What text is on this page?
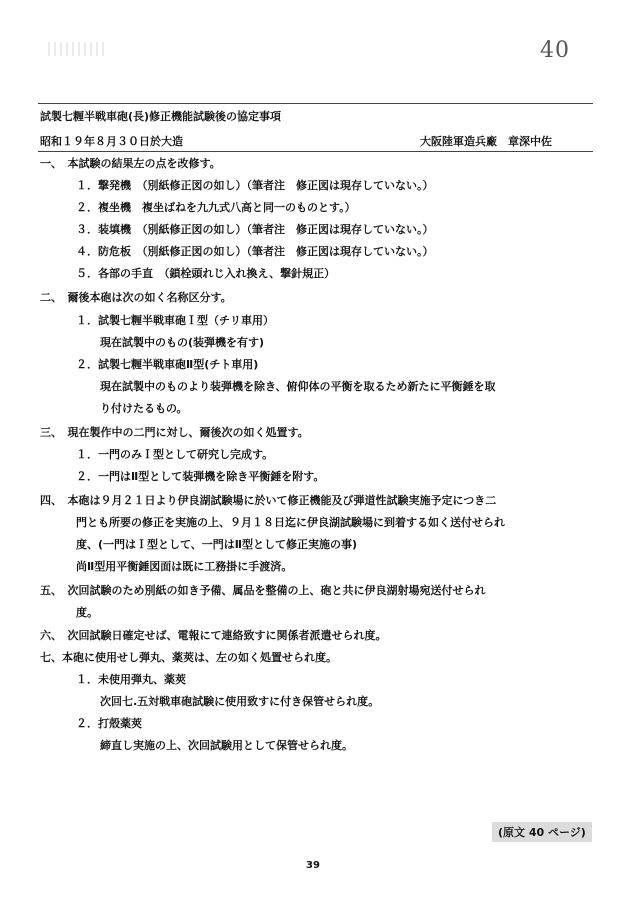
40
試製七糎半戦車砲(長)修正機能試験後の協定事項
昭和１９年８月３０日於大造	大阪陸軍造兵廠　章深中佐
一、　本試験の結果左の点を改修す。
１．撃発機　（別紙修正図の如し）（筆者注　修正図は現存していない。）
２．複坐機　複坐ばねを九九式八高と同一のものとす。）
３．装填機　（別紙修正図の如し）（筆者注　修正図は現存していない。）
４．防危板　（別紙修正図の如し）（筆者注　修正図は現存していない。）
５．各部の手直　（鎖栓頭れじ入れ換え、撃針規正）
二、　爾後本砲は次の如く名称区分す。
１．試製七糎半戦車砲Ｉ型（チリ車用）
現在試製中のもの(装弾機を有す)
２．試製七糎半戦車砲Ⅱ型(チト車用)
現在試製中のものより装弾機を除き、俯仰体の平衡を取るため新たに平衡錘を取
り付けたるもの。
三、　現在製作中の二門に対し、爾後次の如く処置す。
１．一門のみＩ型として研究し完成す。
２．一門はⅡ型として装弾機を除き平衡錘を附す。
四、　本砲は９月２１日より伊良湖試験場に於いて修正機能及び弾道性試験実施予定につき二
門とも所要の修正を実施の上、９月１８日迄に伊良湖試験場に到着する如く送付せられ
度、(一門はＩ型として、一門はⅡ型として修正実施の事)
尚Ⅱ型用平衡錘図面は既に工務掛に手渡済。
五、　次回試験のため別紙の如き予備、属品を整備の上、砲と共に伊良湖射場宛送付せられ
度。
六、　次回試験日確定せば、電報にて連絡致すに関係者派遣せられ度。
七、本砲に使用せし弾丸、薬莢は、左の如く処置せられ度。
１．未使用弾丸、薬莢
次回七.五対戦車砲試験に使用致すに付き保管せられ度。
２．打殻薬莢
締直し実施の上、次回試験用として保管せられ度。
(原文 40 ページ)
39
